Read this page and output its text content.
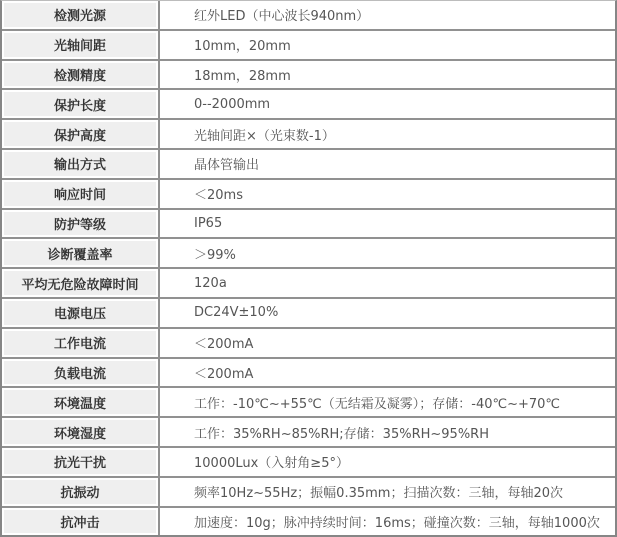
检测光源	红外LED（中心波长940nm）
光轴间距	10mm，20mm
检测精度	18mm，28mm
保护长度	0--2000mm
保护高度	光轴间距×（光束数-1）
输出方式	晶体管输出
响应时间	＜20ms
防护等级	IP65
诊断覆盖率	＞99%
平均无危险故障时间	120a
电源电压	DC24V±10%
工作电流	＜200mA
负载电流	＜200mA
环境温度	工作：-10℃~+55℃（无结霜及凝雾）；存储：-40℃~+70℃
环境湿度	工作：35%RH~85%RH;存储：35%RH~95%RH
抗光干扰	10000Lux（入射角≥5°）
抗振动	频率10Hz~55Hz；振幅0.35mm；扫描次数：三轴，每轴20次
抗冲击	加速度：10g；脉冲持续时间：16ms；碰撞次数：三轴，每轴1000次
